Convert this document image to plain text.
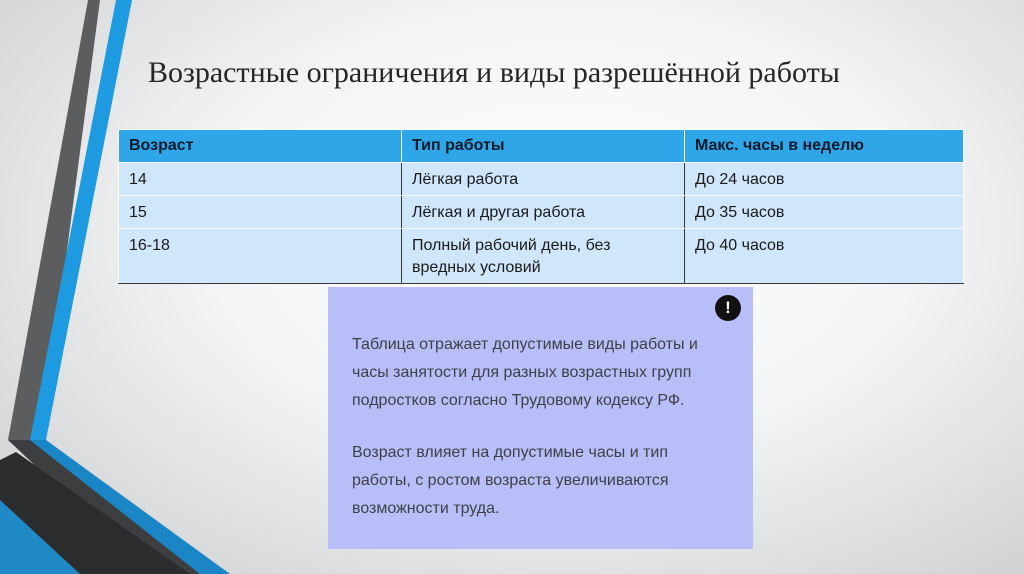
Возрастные ограничения и виды разрешённой работы
Возраст	Тип работы	Макс. часы в неделю
14	Лёгкая работа	До 24 часов
15	Лёгкая и другая работа	До 35 часов
16-18	Полный рабочий день, без вредных условий	До 40 часов
!

Таблица отражает допустимые виды работы и часы занятости для разных возрастных групп подростков согласно Трудовому кодексу РФ.

Возраст влияет на допустимые часы и тип работы, с ростом возраста увеличиваются возможности труда.
